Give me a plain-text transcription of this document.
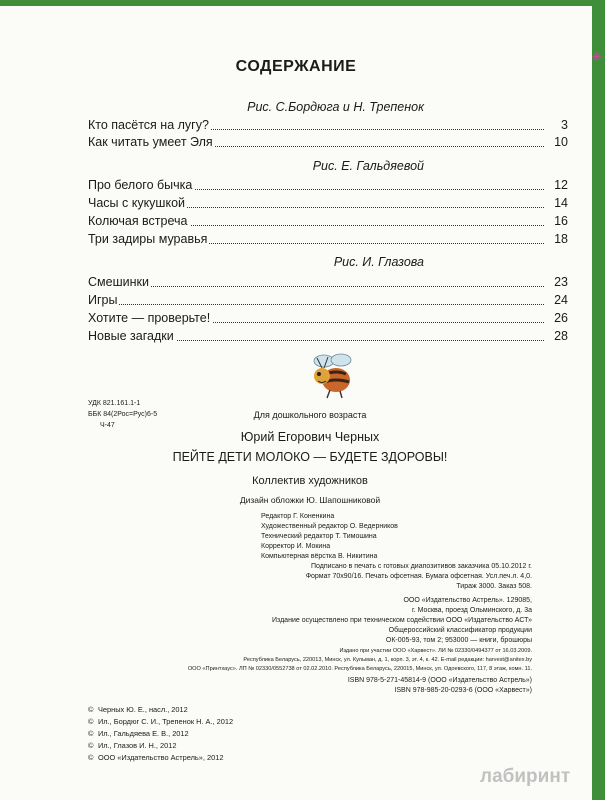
СОДЕРЖАНИЕ
Рис. С.Бордюга и Н. Трепенок
Кто пасётся на лугу?	3
Как читать умеет Эля	10
Рис. Е. Гальдяевой
Про белого бычка	12
Часы с кукушкой	14
Колючая встреча	16
Три задиры муравья	18
Рис. И. Глазова
Смешинки	23
Игры	24
Хотите — проверьте!	26
Новые загадки	28
УДК 821.161.1-1
ББК 84(2Рос=Рус)6-5
Ч-47
Для дошкольного возраста
Юрий Егорович Черных
ПЕЙТЕ ДЕТИ МОЛОКО — БУДЕТЕ ЗДОРОВЫ!
Коллектив художников
Дизайн обложки Ю. Шапошниковой
Редактор Г. Коненкина
Художественный редактор О. Ведерников
Технический редактор Т. Тимошина
Корректор И. Мокина
Компьютерная вёрстка В. Никитина
Подписано в печать с готовых диапозитивов заказчика 05.10.2012 г.
Формат 70х90/16. Печать офсетная. Бумага офсетная. Усл.печ.л. 4,0.
Тираж 3000. Заказ 508.
ООО «Издательство Астрель». 129085,
г. Москва, проезд Ольминского, д. 3а
Издание осуществлено при техническом содействии ООО «Издательство АСТ»
Общероссийский классификатор продукции
ОК-005-93, том 2; 953000 — книги, брошюры
Издано при участии ООО «Харвест». ЛИ № 02330/0494377 от 16.03.2009.
Республика Беларусь, 220013, Минск, ул. Кульман, д. 1, корп. 3, эт. 4, к. 42. E-mail редакции: harvest@anitex.by
ООО «Принтхаус». ЛП № 02330/0552738 от 02.02.2010. Республика Беларусь, 220015, Минск, ул. Одоевского, 117, 8 этаж, комн. 11.
ISBN 978-5-271-45814-9 (ООО «Издательство Астрель»)
ISBN 978-985-20-0293-6 (ООО «Харвест»)
© Черных Ю. Е., насл., 2012
© Ил., Бордюг С. И., Трепенок Н. А., 2012
© Ил., Гальдяева Е. В., 2012
© Ил., Глазов И. Н., 2012
© ООО «Издательство Астрель», 2012
лабиринт
✳
